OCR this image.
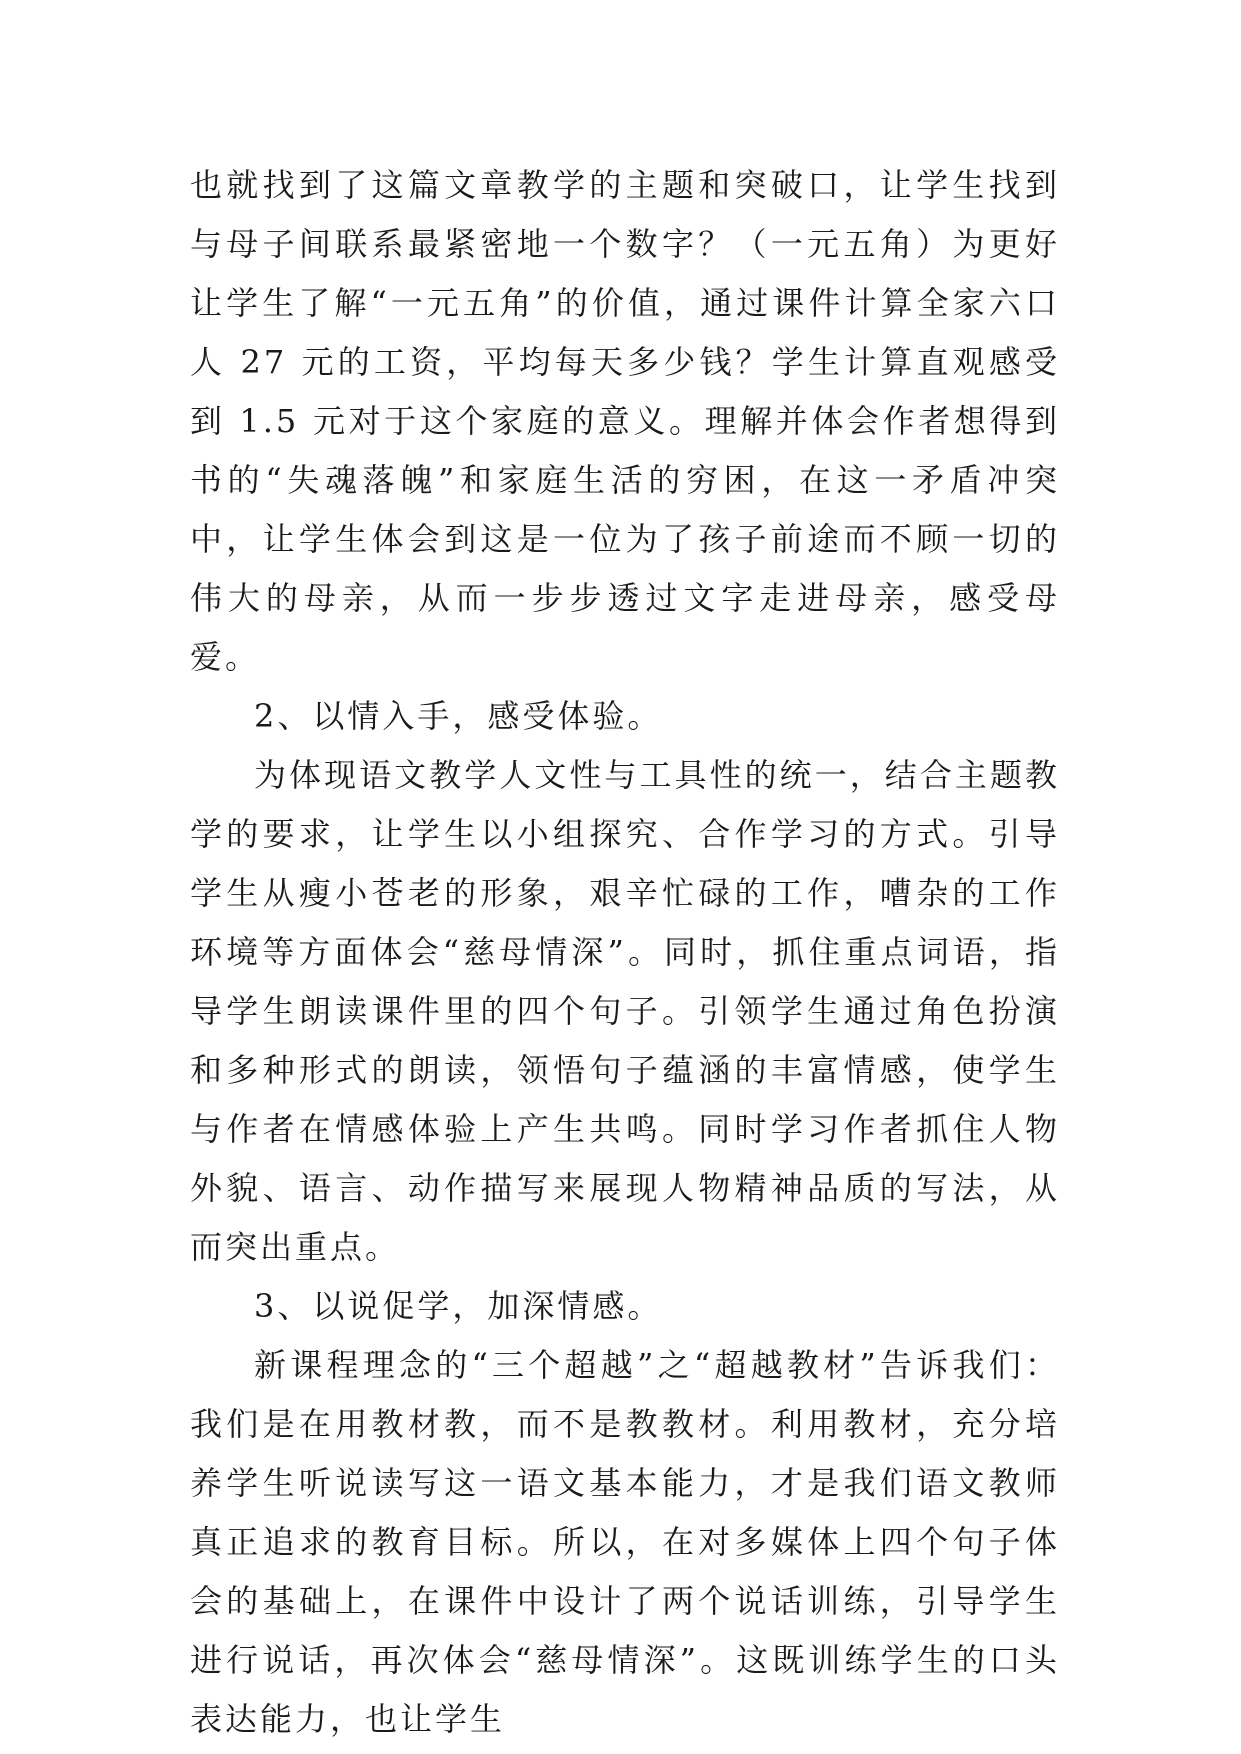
也就找到了这篇文章教学的主题和突破口，让学生找到与母子间联系最紧密地一个数字？（一元五角）为更好让学生了解“一元五角”的价值，通过课件计算全家六口人 27 元的工资，平均每天多少钱？学生计算直观感受到 1.5 元对于这个家庭的意义。理解并体会作者想得到书的“失魂落魄”和家庭生活的穷困，在这一矛盾冲突中，让学生体会到这是一位为了孩子前途而不顾一切的伟大的母亲，从而一步步透过文字走进母亲，感受母爱。

2、以情入手，感受体验。

为体现语文教学人文性与工具性的统一，结合主题教学的要求，让学生以小组探究、合作学习的方式。引导学生从瘦小苍老的形象，艰辛忙碌的工作，嘈杂的工作环境等方面体会“慈母情深”。同时，抓住重点词语，指导学生朗读课件里的四个句子。引领学生通过角色扮演和多种形式的朗读，领悟句子蕴涵的丰富情感，使学生与作者在情感体验上产生共鸣。同时学习作者抓住人物外貌、语言、动作描写来展现人物精神品质的写法，从而突出重点。

3、以说促学，加深情感。

新课程理念的“三个超越”之“超越教材”告诉我们：我们是在用教材教，而不是教教材。利用教材，充分培养学生听说读写这一语文基本能力，才是我们语文教师真正追求的教育目标。所以，在对多媒体上四个句子体会的基础上，在课件中设计了两个说话训练，引导学生进行说话，再次体会“慈母情深”。这既训练学生的口头表达能力，也让学生
